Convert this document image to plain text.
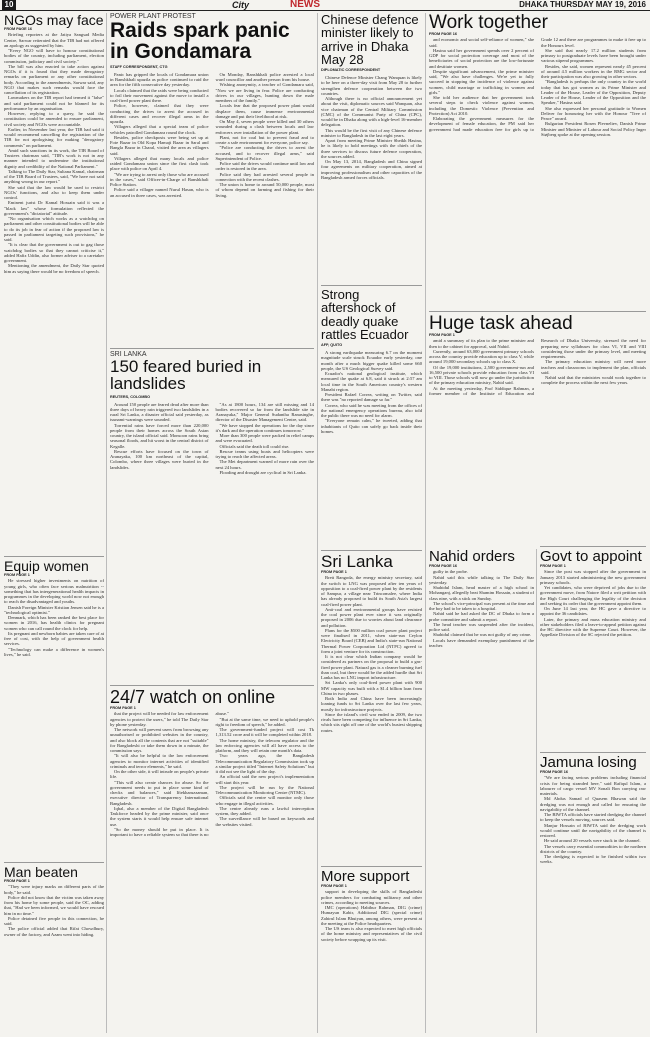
10	City	NEWS	DHAKA THURSDAY MAY 19, 2016
NGOs may face
FROM PAGE 16

Briefing reporters at the Jatiya Sangsad Media Centre, Sarwar reiterated that the TIB had not offered an apology as suggested by him.

"Every NGO will have to honour constitutional bodies of the country, including parliament, election commission, judiciary and civil society."

The bill was also enacted to take action against NGOs if it is found that they made derogatory remarks on parliament or any other constitutional body. According to the amendments, Sarwar said, any NGO that makes such remarks would face the cancellation of its registration.

Lawmakers on the TIB report had termed it "false" and said parliament could not be blamed for its performance by an organisation.

However, replying to a query, he said the constitution could be amended to ensure parliament, civil society and NGOs were accountable.

Earlier, in November last year, the TIB had said it would recommend cancelling the registration of the TIB for not apologising for making "derogatory comments" on parliament.

Amid such sanctions in its work, the TIB Board of Trustees chairman said, "TIB's work is not in any manner intended to undermine the institutional dignity and credibility of the National Parliament."

Talking to The Daily Star, Sultana Kamal, chairman of the TIB Board of Trustees, said, "We have not said anything wrong in our report."

She said that the law would be used to restrict NGOs' functions, and also to keep them under control.

Eminent jurist Dr Kamal Hossain said it was a "black law" whose formulation reflected the government's "dictatorial" attitude.

"No organisation which works as a watchdog on parliament and other constitutional bodies will be able to do its job in fear of action if the proposed law is passed in parliament targeting such provisions," he said.

"It is clear that the government is out to gag those watchdog bodies so that they cannot criticise it," added Hafiz Uddin, also former adviser to a caretaker government.

Mentioning the amendment, the Daily Star quoted him as saying there would be no freedom of speech.

Equip women
FROM PAGE 1

He stressed higher investments on nutrition of young girls, who often face serious malnutrition -- something that has intergenerational health impacts in programmes in the developing world now not enough to reach the disadvantaged and youths.

Danish Foreign Minister Kristian Jensen said he is a "technological optimist."

Denmark, which has been ranked the best place for women in 2016, has health clinics for pregnant women who can call round the clock for help.

Its pregnant and newborn babies are taken care of at free of cost, with the help of government health services.

"Technology can make a difference in women's lives," he said.

Man beaten
FROM PAGE 1

"They were injury marks on different parts of the body," he said.

Police did not know that the victim was taken away from his home by some people, said the OC, adding that, "Had we been informed, we would have rescued him in no time."

Police detained five people in this connection, he said.

The police official added that Rifat Chowdhury, owner of the factory, and Azam went into hiding.

POWER PLANT PROTEST
Raids spark panic in Gondamara
STAFF CORRESPONDENT, CTG

Panic has gripped the locals of Gondamara union in Banshkhali upazila as police continued to raid the area for the fifth consecutive day yesterday.

Locals claimed that the raids were being conducted to foil their movement against the move to install a coal-fired power plant there.

Police, however, claimed that they were conducting the drives to arrest the accused in different cases and recover illegal arms in the upazila.

Villagers alleged that a special team of police vehicles patrolled Gondamara round the clock.

Besides, police checkposts were being set up at Fote Bazar in Old Kopa Hamaji Bazar in Saral and Bangla Bazar in Charal, visited the area as villagers said.

Villagers alleged that many locals and police raided Gondamara union since the first clash took place with police on April 4.

"We are trying to arrest only those who are accused in the cases," said Officer-in-Charge of Banshkhali Police Station.

Police said a villager named Nurul Hasan, who is an accused in three cases, was arrested.

On Monday, Banshkhali police arrested a local ward councillor and another person from his house.

Wishing anonymity, a teacher of Gondamara said, "Now we are living in fear. Police are conducting drives in our villages, hunting down the male members of the family."

Locals fear that the proposed power plant would displace them, cause immense environmental damage and put their livelihood at risk.

On May 4, seven people were killed and 30 others wounded during a clash between locals and law enforcers over installation of the power plant.

Plant, not for coal but to prevent fraud and to create a safe environment for everyone, police say.

"Police are conducting the drives to arrest the accused, and to recover illegal arms," said Superintendent of Police.

Police said the drives would continue until law and order is restored in the area.

Police said they had arrested several people in connection with the recent clashes.

The union is home to around 50,000 people, most of whom depend on farming and fishing for their living.

SRI LANKA
150 feared buried in landslides
REUTERS, COLOMBO

Around 150 people are feared dead after more than three days of heavy rain triggered two landslides in a rural Sri Lanka, a disaster official said yesterday, as tsunami-warnings were sounded.

Torrential rains have forced more than 220,000 people from their homes across the South Asian country, the island official said. Monsoon rains bring seasonal floods, and hit worst in the central district of Kegalle.

Rescue efforts have focused on the town of Aranayaka, 100 km northeast of the capital, Colombo, where three villages were buried in the landslides.

"As at 1800 hours, 134 are still missing and 14 bodies recovered so far from the landslide site in Aranayaka," Major General Sudantha Ranasinghe, director of the Disaster Management Centre, said.

"We have stopped the operations for the day since it's dark and the operation continues tomorrow."

More than 300 people were packed in relief camps and were evacuated.

Officials said the death toll could rise.

Rescue teams using boats and helicopters were trying to reach the affected areas.

The Met department warned of more rain over the next 24 hours.

Flooding and drought are cyclical in Sri Lanka.

24/7 watch on online
FROM PAGE 1

that the project will be needed for law enforcement agencies to protect the users," he told The Daily Star by phone yesterday.

The network will prevent users from browsing any unauthorised or prohibited websites in the country, and also block all the contents that are not "suitable" for Bangladeshi or take them down in a minute, the commission says.

"It will also be helpful to the law enforcement agencies to monitor internet activities of identified criminals and terror elements," he said.

On the other side, it will intrude on people's private life.

"This will also create chances for abuse. So the government needs to put in place some kind of checks and balances," said Iftekharuzzaman, executive director of Transparency International Bangladesh.

Iqbal, also a member of the Digital Bangladesh Taskforce headed by the prime minister, said once the system starts it would help ensure safe internet use.

"So the money should be put in place. It is important to have a reliable system so that there is no abuse."

"But at the same time, we need to uphold people's right to freedom of speech," he added.

The government-funded project will cost Tk 1,313.52 crore and it will be completed within 2018.

The home ministry, the telecom regulator and the law enforcing agencies will all have access to the platform, and they will retain one month's data.

Two years ago, the Bangladesh Telecommunication Regulatory Commission took up a similar project titled "Internet Safety Solutions" but it did not see the light of the day.

An official said the new project's implementation will start this year.

The project will be run by the National Telecommunication Monitoring Centre (NTMC).

Officials said the centre will monitor only those who engage in illegal activities.

The centre already runs a lawful interception system, they added.

The surveillance will be based on keywords and the websites visited.

Chinese defence minister likely to arrive in Dhaka May 28
DIPLOMATIC CORRESPONDENT

Chinese Defence Minister Chang Wanquan is likely to be here on a three-day visit from May 28 to further strengthen defence cooperation between the two countries.

Although there is no official announcement yet about the visit, diplomatic sources said Wanquan, also vice chairman of the Central Military Commission (CMC) of the Communist Party of China (CPC), would be in Dhaka along with a high-level 16-member delegation.

This would be the first visit of any Chinese defence minister to Bangladesh in the last eight years.

Apart from meeting Prime Minister Sheikh Hasina, he is likely to hold meetings with the chiefs of the three services to discuss future defence cooperation, the sources added.

On May 13, 2014, Bangladesh and China signed four agreements on military cooperation, aimed at improving professionalism and other capacities of the Bangladesh armed forces officials.

Strong aftershock of deadly quake rattles Ecuador
AFP, QUITO

A strong earthquake measuring 6.7 on the moment magnitude scale struck Ecuador early yesterday, one month after a much bigger quake killed some 660 people, the US Geological Survey said.

Ecuador's national geological institute, which measured the quake at 6.8, said it struck at 2:57 am local time in the South American country's western Manabi region.

President Rafael Correa, writing on Twitter, said there was "no reported damage so far."

Correa, who said he was meeting from the offices of the national emergency operations bureau, also told the public there was no need for alarm.

"Everyone remain calm," he tweeted, adding that inhabitants of Quito can safely go back inside their homes.

Sri Lanka
FROM PAGE 1

Brett Rangoda, the energy ministry secretary, said the switch to LNG was proposed after ten years of opposition to a coal-fired power plant by the residents of Sampur, a village near Trincomalee, where India has already proposed to build its South Asia's largest coal-fired power plant.

Anti-coal and environmental groups have resisted the coal power plant ever since it was originally proposed in 2006 due to worries about land clearance and pollution.

Plans for the $500 million coal power plant project were finalised in 2011, when state-run Ceylon Electricity Board (CEB) and India's state-run National Thermal Power Corporation Ltd (NTPC) agreed to form a joint venture for its construction.

It is not clear which Indian company would be considered as partners on the proposal to build a gas-fired power plant. Natural gas is a cleaner burning fuel than coal, but there would be the added hurdle that Sri Lanka has no LNG import infrastructure.

Sri Lanka's only coal-fired power plant with 900 MW capacity was built with a $1.4 billion loan from China in two phases.

Both India and China have been increasingly loaning funds to Sri Lanka over the last few years, mostly for infrastructure projects.

Since the island's civil war ended in 2009, the two rivals have been competing for influence in Sri Lanka, which sits right off one of the world's busiest shipping routes.

More support
FROM PAGE 1

support in developing the skills of Bangladeshi police members for combating militancy and other crimes, according to meeting sources.

IMC (operations) Habibur Rahman, DIG (crime) Humayun Kabir, Additional DIG (special crime) Zahirul Islam Bhuiyan, among others, were present at the meeting at the Police headquarters.

The US team is also expected to meet high officials of the home ministry and representatives of the civil society before wrapping up its visit.

Work together
FROM PAGE 16

and economic and social self-reliance of women," she said.

Hasina said her government spends over 2 percent of GDP for social protection coverage and most of the beneficiaries of social protection are the low-fortunate and destitute women.

Despite significant advancement, the prime minister said, "We also have challenges. We're yet to fully succeed in stopping the incidence of violence against women, child marriage or trafficking in women and girls."

She told her audience that her government took several steps to check violence against women, including the Domestic Violence (Prevention and Protection) Act 2010.

Elaborating the government measures for the development of female education, the PM said her government had made education free for girls up to Grade 12 and there are programmes to make it free up to the Honours level.

She said that nearly 17.2 million students from primary to postgraduate levels have been brought under various stipend programmes.

Besides, she said, women represent nearly 45 percent of around 4.5 million workers in the RMG sector and their participation was also growing in other sectors.

"Bangladesh is perhaps the only country in the world today that has got women as its Prime Minister and Leader of the House, Leader of the Opposition, Deputy Leader of the House, Leader of the Opposition and the Speaker," Hasina said.

She also expressed her personal gratitude to Women Deliver for honouring her with the Honour "Tree of Peace" award.

Bulgarian President Rosen Plevneliev, Danish Prime Minister and Minister of Labour and Social Policy Inger Støjberg spoke at the opening session.

Huge task ahead
FROM PAGE 1

amid a summary of its plan to the prime minister and then to the cabinet for approval, said Nahid.

Currently, around 63,000 government primary schools across the country provide education up to class V, while around 19,000 secondary schools up to class X.

Of the 19,000 institutions, 2,500 government-run and 16,500 private schools provide education from class VI to VIII. Those schools will now go under the jurisdiction of the primary education ministry, Nahid said.

At the meeting yesterday, Prof Siddique Rahman, a former member of the Institute of Education and Research of Dhaka University, stressed the need for preparing new syllabuses for class VI, VII and VIII considering those under the primary level, and meeting requirements.

The primary education ministry will need more teachers and classrooms to implement the plan, officials said.

Nahid said that the ministries would work together to complete the process within the next few years.

Govt to appoint
FROM PAGE 1

Since the post was stopped after the government in January 2013 started administering the new government primary schools.

Yet candidates, who were deprived of jobs due to the government move, from Natore filed a writ petition with the High Court challenging the legality of the decision and seeking its order that the government appoint them.

On June 14 last year, the HC gave a directive to appoint the 36 candidates.

Later, the primary and mass education ministry and other stakeholders filed a leave-to-appeal petition against the HC directive with the Supreme Court. However, the Appellate Division of the SC rejected the petition.

Jamuna losing
FROM PAGE 16

"We are facing serious problems including financial crisis for being stranded here," said Rafiqul Islam, a labourer of cargo vessel MV Sonali Bon carrying raw materials.

Md Abdus Samad of Quasem Bhawan said the dredging was not enough and called for ensuring the navigability of the channel.

The BIWTA officials have started dredging the channel to keep the vessels moving, sources said.

Manjur Hossain of BIWTA said the dredging work would continue until the navigability of the channel is restored.

He said around 20 vessels were stuck in the channel.

The vessels carry essential commodities to the northern districts of the country.

The dredging is expected to be finished within two weeks.

Nahid orders
FROM PAGE 16

guilty in the probe.

Nahid said this while talking to The Daily Star yesterday.

Shahidul Islam, head master of a high school in Mohanganj, allegedly beat Shamim Hossain, a student of class nine, with a stick on Sunday.

The school's vice-principal was present at the time and the boy had to be taken to a hospital.

Nahid said he had asked the DC of Dhaka to form a probe committee and submit a report.

The head teacher was suspended after the incident, police said.

Shahidul claimed that he was not guilty of any crime.

Locals have demanded exemplary punishment of the teacher.
